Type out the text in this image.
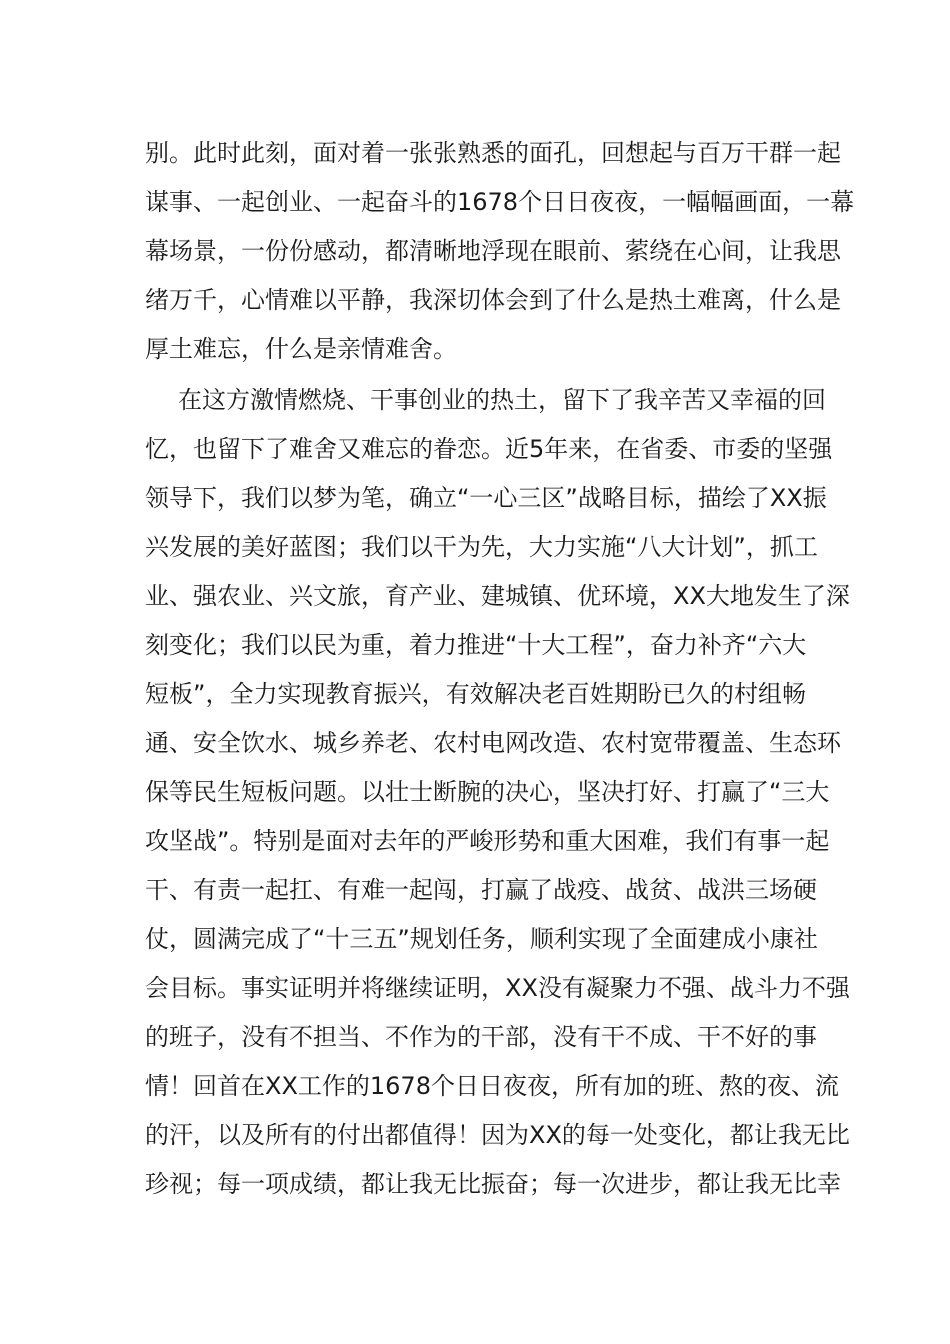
别。此时此刻，面对着一张张熟悉的面孔，回想起与百万干群一起
谋事、一起创业、一起奋斗的1678个日日夜夜，一幅幅画面，一幕
幕场景，一份份感动，都清晰地浮现在眼前、萦绕在心间，让我思
绪万千，心情难以平静，我深切体会到了什么是热土难离，什么是
厚土难忘，什么是亲情难舍。
在这方激情燃烧、干事创业的热土，留下了我辛苦又幸福的回
忆，也留下了难舍又难忘的眷恋。近5年来，在省委、市委的坚强
领导下，我们以梦为笔，确立“一心三区”战略目标，描绘了XX振
兴发展的美好蓝图；我们以干为先，大力实施“八大计划”，抓工
业、强农业、兴文旅，育产业、建城镇、优环境，XX大地发生了深
刻变化；我们以民为重，着力推进“十大工程”，奋力补齐“六大
短板”，全力实现教育振兴，有效解决老百姓期盼已久的村组畅
通、安全饮水、城乡养老、农村电网改造、农村宽带覆盖、生态环
保等民生短板问题。以壮士断腕的决心，坚决打好、打赢了“三大
攻坚战”。特别是面对去年的严峻形势和重大困难，我们有事一起
干、有责一起扛、有难一起闯，打赢了战疫、战贫、战洪三场硬
仗，圆满完成了“十三五”规划任务，顺利实现了全面建成小康社
会目标。事实证明并将继续证明，XX没有凝聚力不强、战斗力不强
的班子，没有不担当、不作为的干部，没有干不成、干不好的事
情！回首在XX工作的1678个日日夜夜，所有加的班、熬的夜、流
的汗，以及所有的付出都值得！因为XX的每一处变化，都让我无比
珍视；每一项成绩，都让我无比振奋；每一次进步，都让我无比幸
